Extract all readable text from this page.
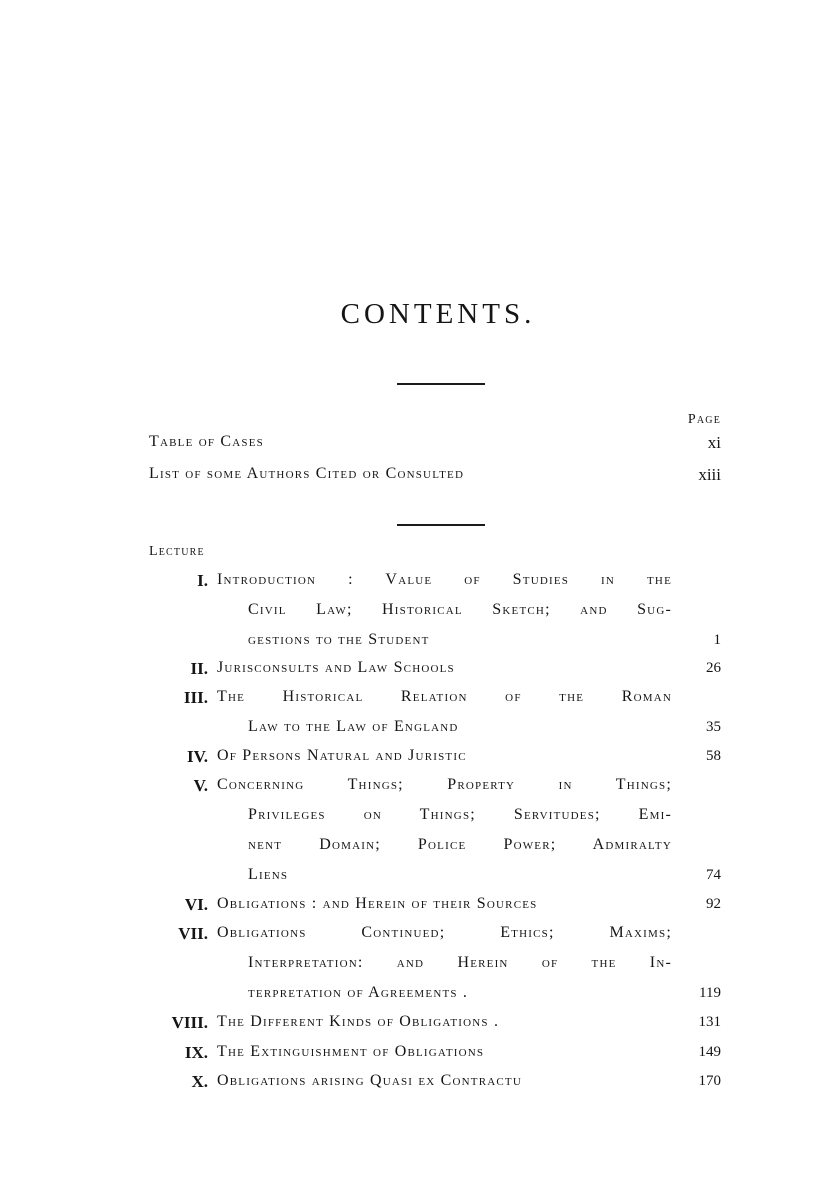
CONTENTS.
Page
Table of Cases	xi
List of some Authors Cited or Consulted	xiii
Lecture
I. Introduction : Value of Studies in the
Civil Law; Historical Sketch; and Sug-
gestions to the Student	1
II. Jurisconsults and Law Schools	26
III. The Historical Relation of the Roman
Law to the Law of England	35
IV. Of Persons Natural and Juristic	58
V. Concerning Things; Property in Things;
Privileges on Things; Servitudes; Emi-
nent Domain; Police Power; Admiralty
Liens	74
VI. Obligations : and Herein of their Sources	92
VII. Obligations Continued; Ethics; Maxims;
Interpretation: and Herein of the In-
terpretation of Agreements .	119
VIII. The Different Kinds of Obligations .	131
IX. The Extinguishment of Obligations	149
X. Obligations arising Quasi ex Contractu	170
